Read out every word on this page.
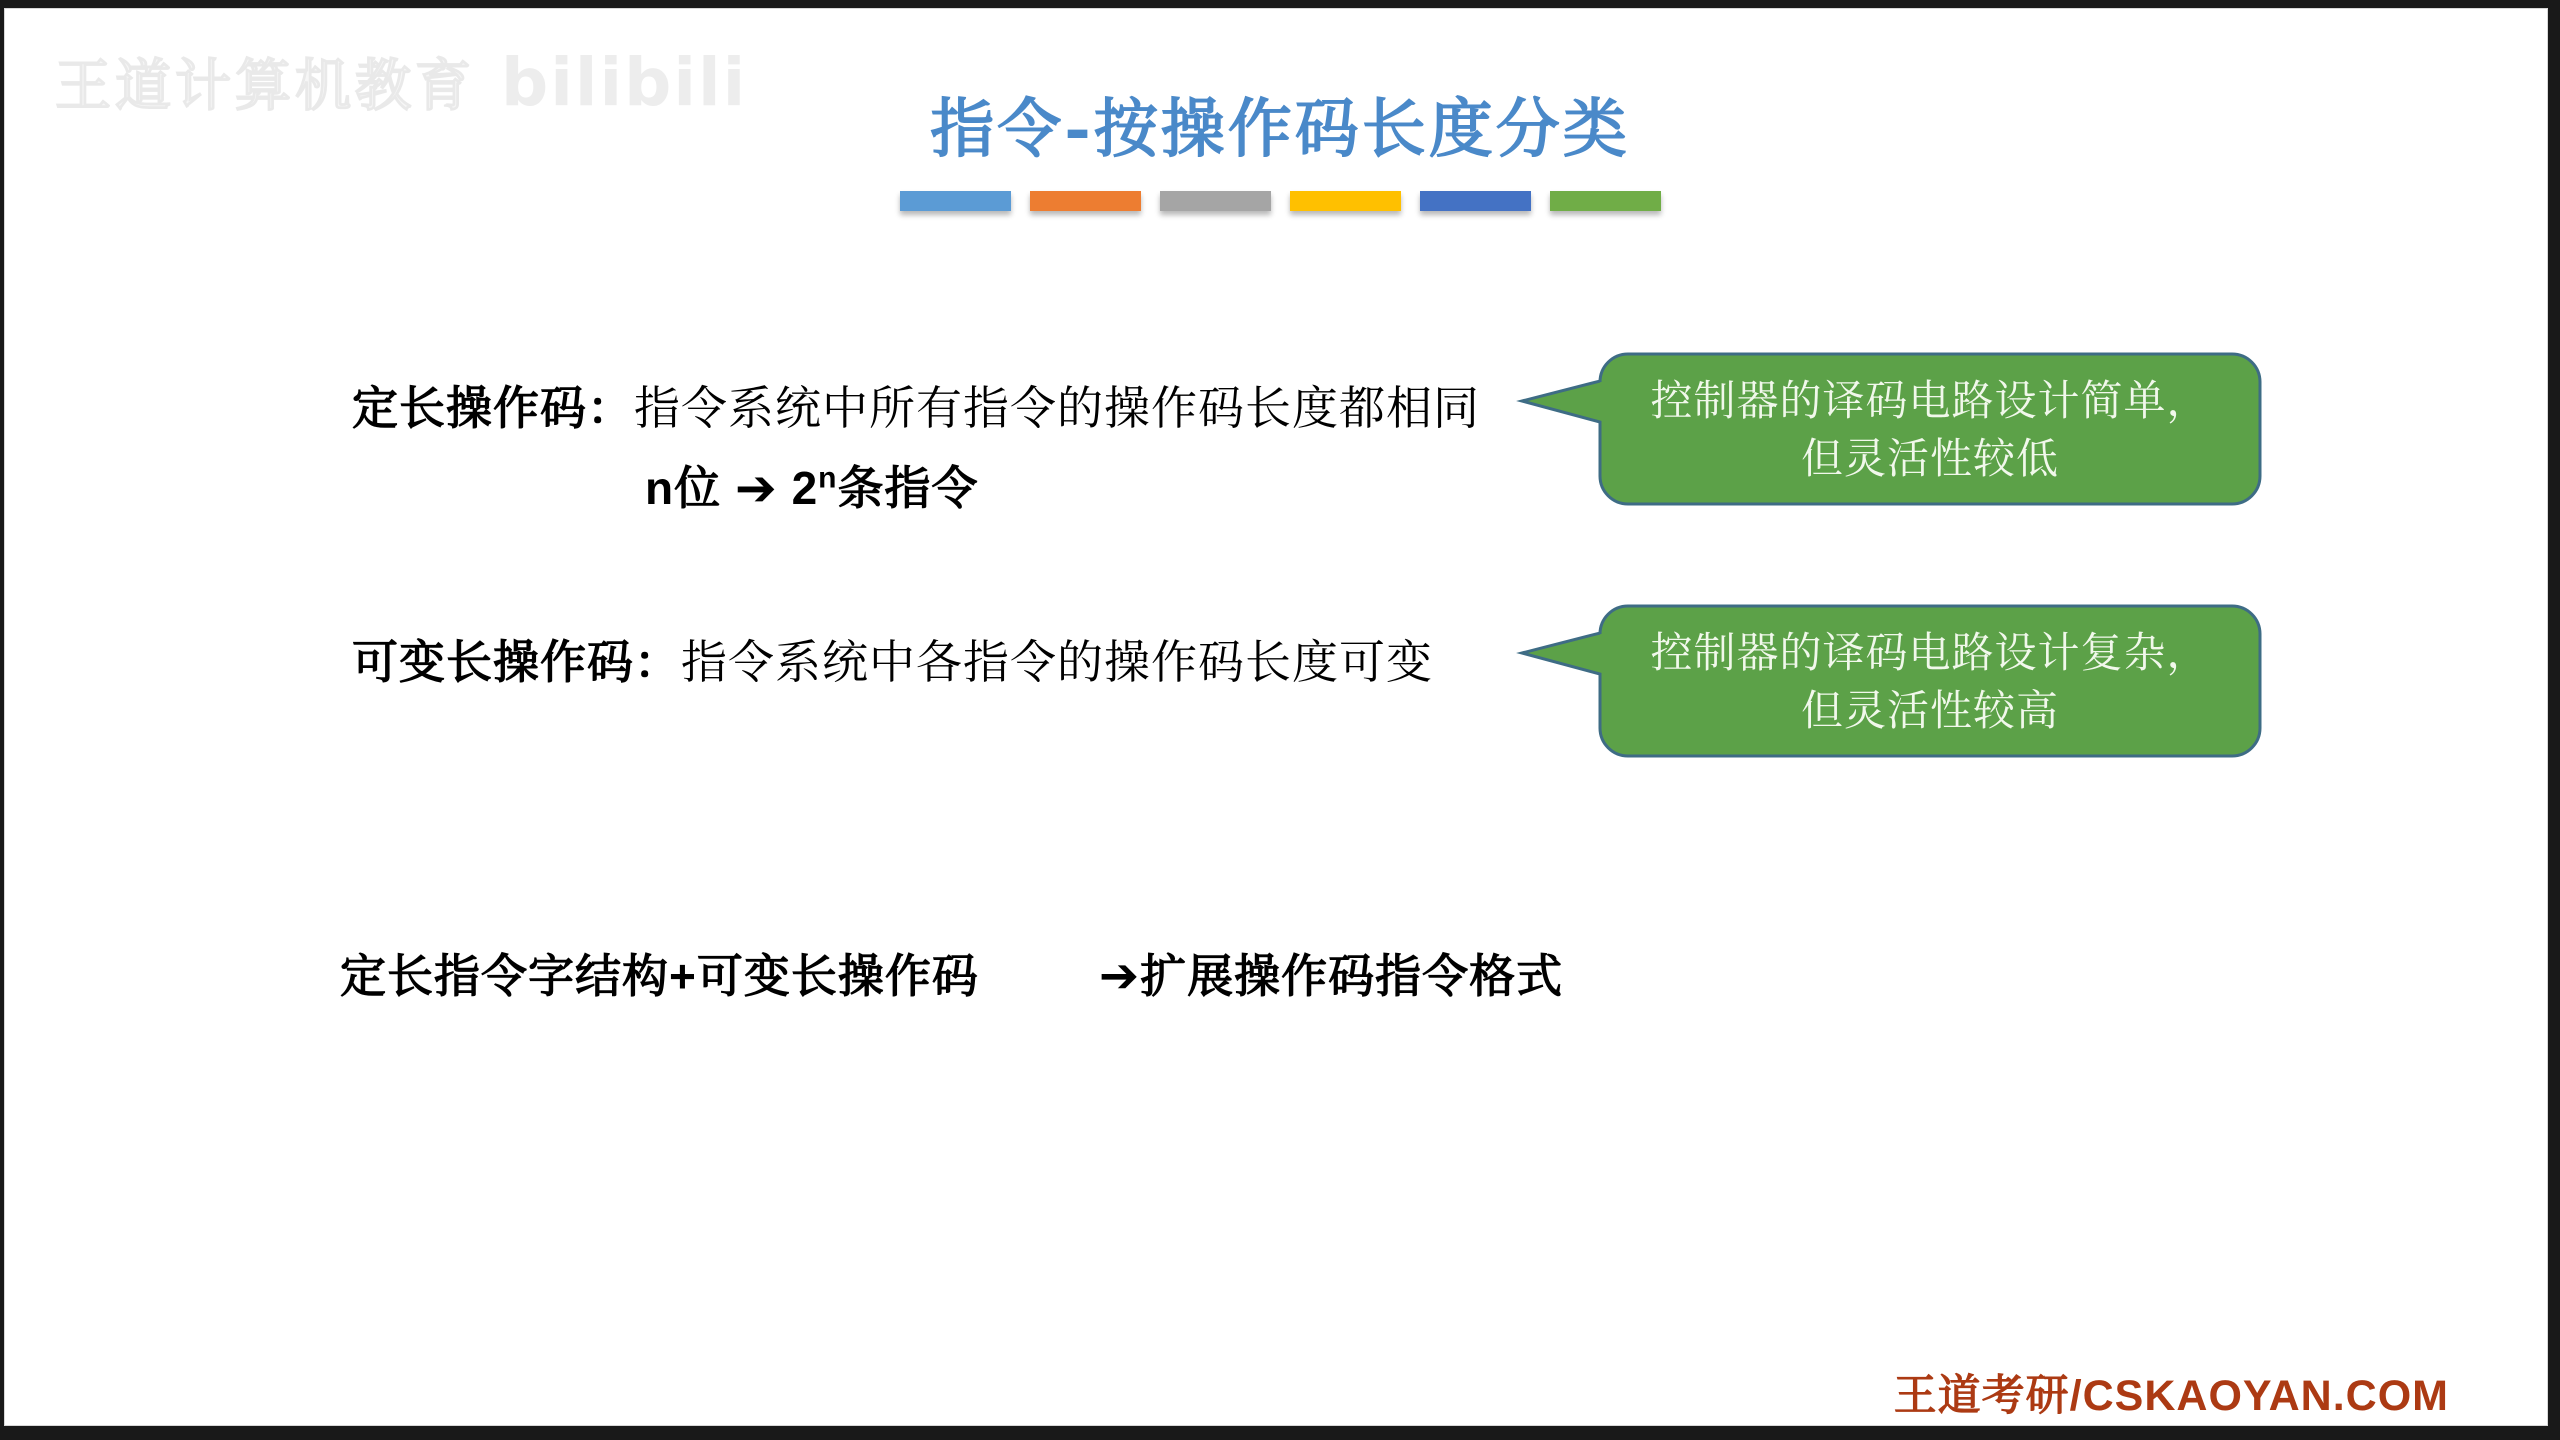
王道计算机教育 bilibili
指令-按操作码长度分类
定长操作码：指令系统中所有指令的操作码长度都相同
n位 ➔ 2$^n$条指令
控制器的译码电路设计简单，
但灵活性较低
可变长操作码：指令系统中各指令的操作码长度可变	控制器的译码电路设计复杂，
但灵活性较高
定长指令字结构+可变长操作码	➔扩展操作码指令格式
王道考研/CSKAOYAN.COM
